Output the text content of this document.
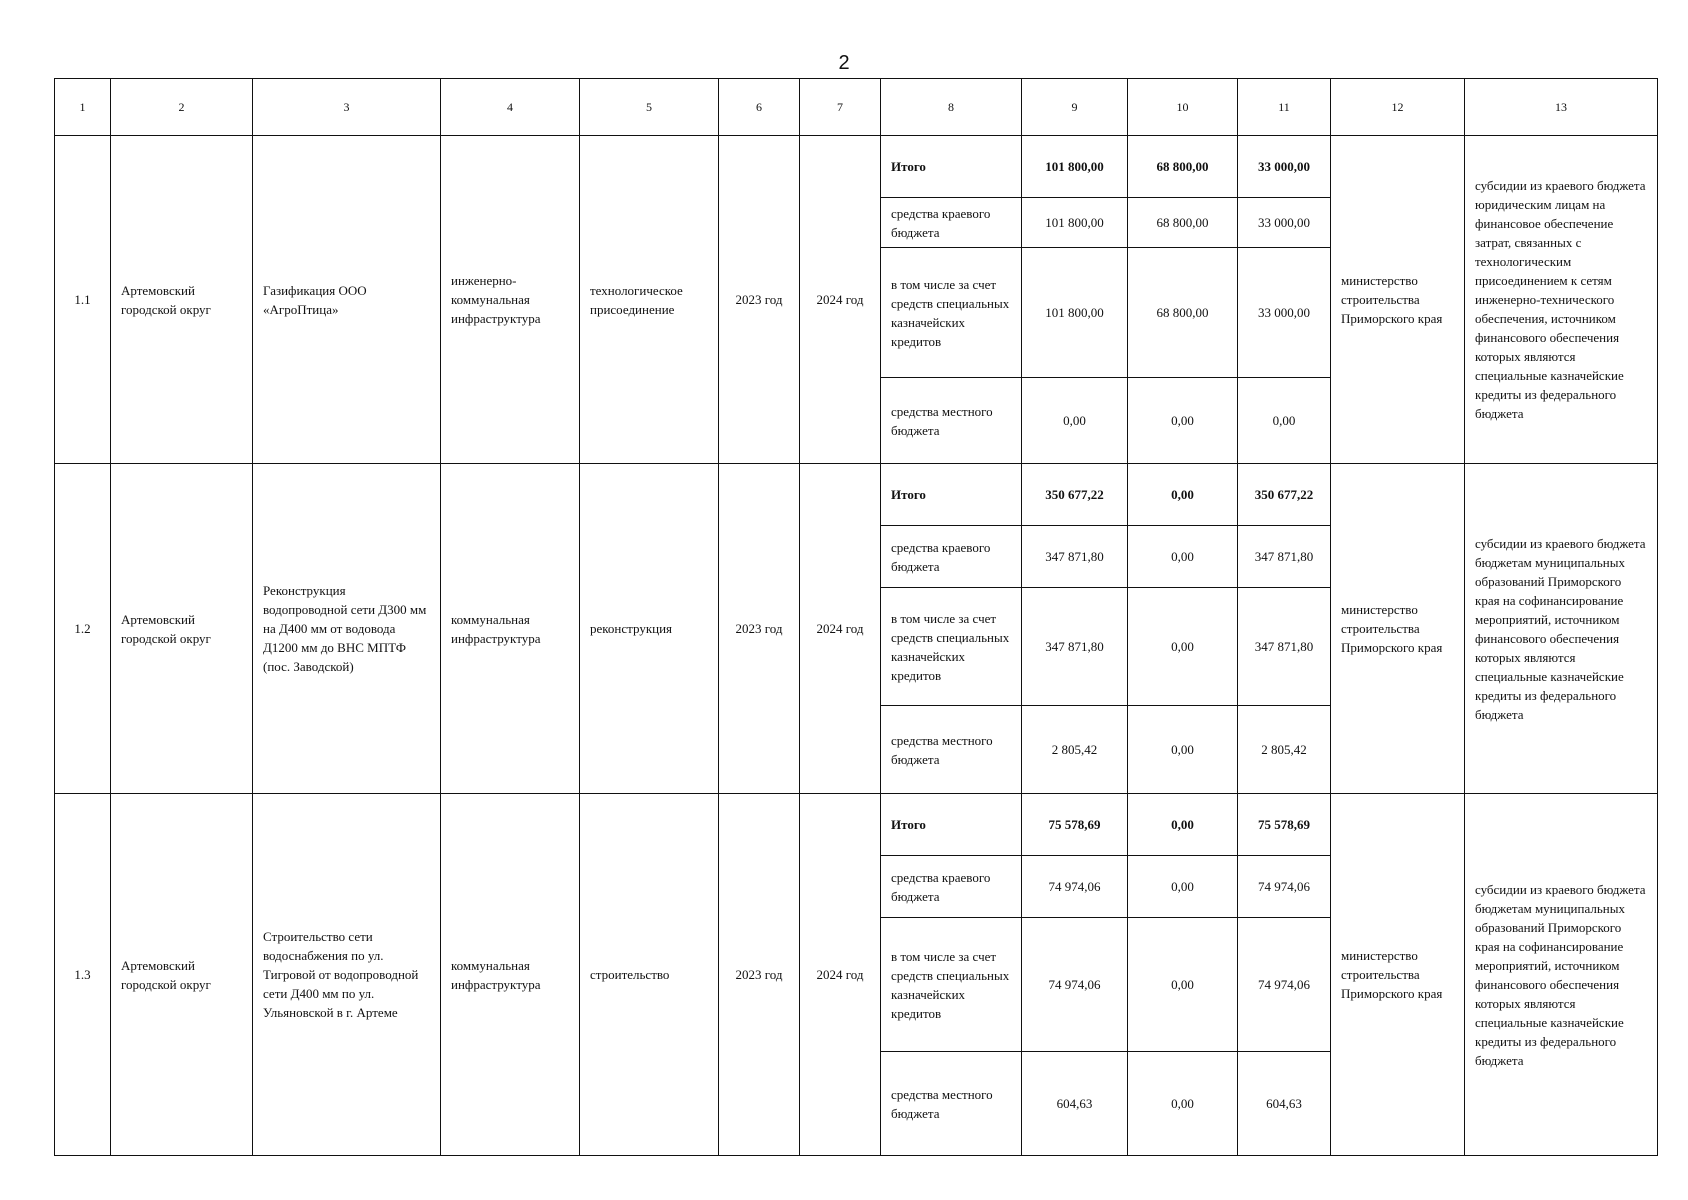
2
1	2	3	4	5	6	7	8	9	10	11	12	13
1.1	Артемовский городской округ	Газификация ООО «АгроПтица»	инженерно-коммунальная инфраструктура	технологическое присоединение	2023 год	2024 год	Итого	101 800,00	68 800,00	33 000,00	министерство строительства Приморского края	субсидии из краевого бюджета юридическим лицам на финансовое обеспечение затрат, связанных с технологическим присоединением к сетям инженерно-технического обеспечения, источником финансового обеспечения которых являются специальные казначейские кредиты из федерального бюджета
							средства краевого бюджета	101 800,00	68 800,00	33 000,00		
							в том числе за счет средств специальных казначейских кредитов	101 800,00	68 800,00	33 000,00		
							средства местного бюджета	0,00	0,00	0,00		
1.2	Артемовский городской округ	Реконструкция водопроводной сети Д300 мм на Д400 мм от водовода Д1200 мм до ВНС МПТФ (пос. Заводской)	коммунальная инфраструктура	реконструкция	2023 год	2024 год	Итого	350 677,22	0,00	350 677,22	министерство строительства Приморского края	субсидии из краевого бюджета бюджетам муниципальных образований Приморского края на софинансирование мероприятий, источником финансового обеспечения которых являются специальные казначейские кредиты из федерального бюджета
							средства краевого бюджета	347 871,80	0,00	347 871,80		
							в том числе за счет средств специальных казначейских кредитов	347 871,80	0,00	347 871,80		
							средства местного бюджета	2 805,42	0,00	2 805,42		
1.3	Артемовский городской округ	Строительство сети водоснабжения по ул. Тигровой от водопроводной сети Д400 мм по ул. Ульяновской в г. Артеме	коммунальная инфраструктура	строительство	2023 год	2024 год	Итого	75 578,69	0,00	75 578,69	министерство строительства Приморского края	субсидии из краевого бюджета бюджетам муниципальных образований Приморского края на софинансирование мероприятий, источником финансового обеспечения которых являются специальные казначейские кредиты из федерального бюджета
							средства краевого бюджета	74 974,06	0,00	74 974,06		
							в том числе за счет средств специальных казначейских кредитов	74 974,06	0,00	74 974,06		
							средства местного бюджета	604,63	0,00	604,63		
